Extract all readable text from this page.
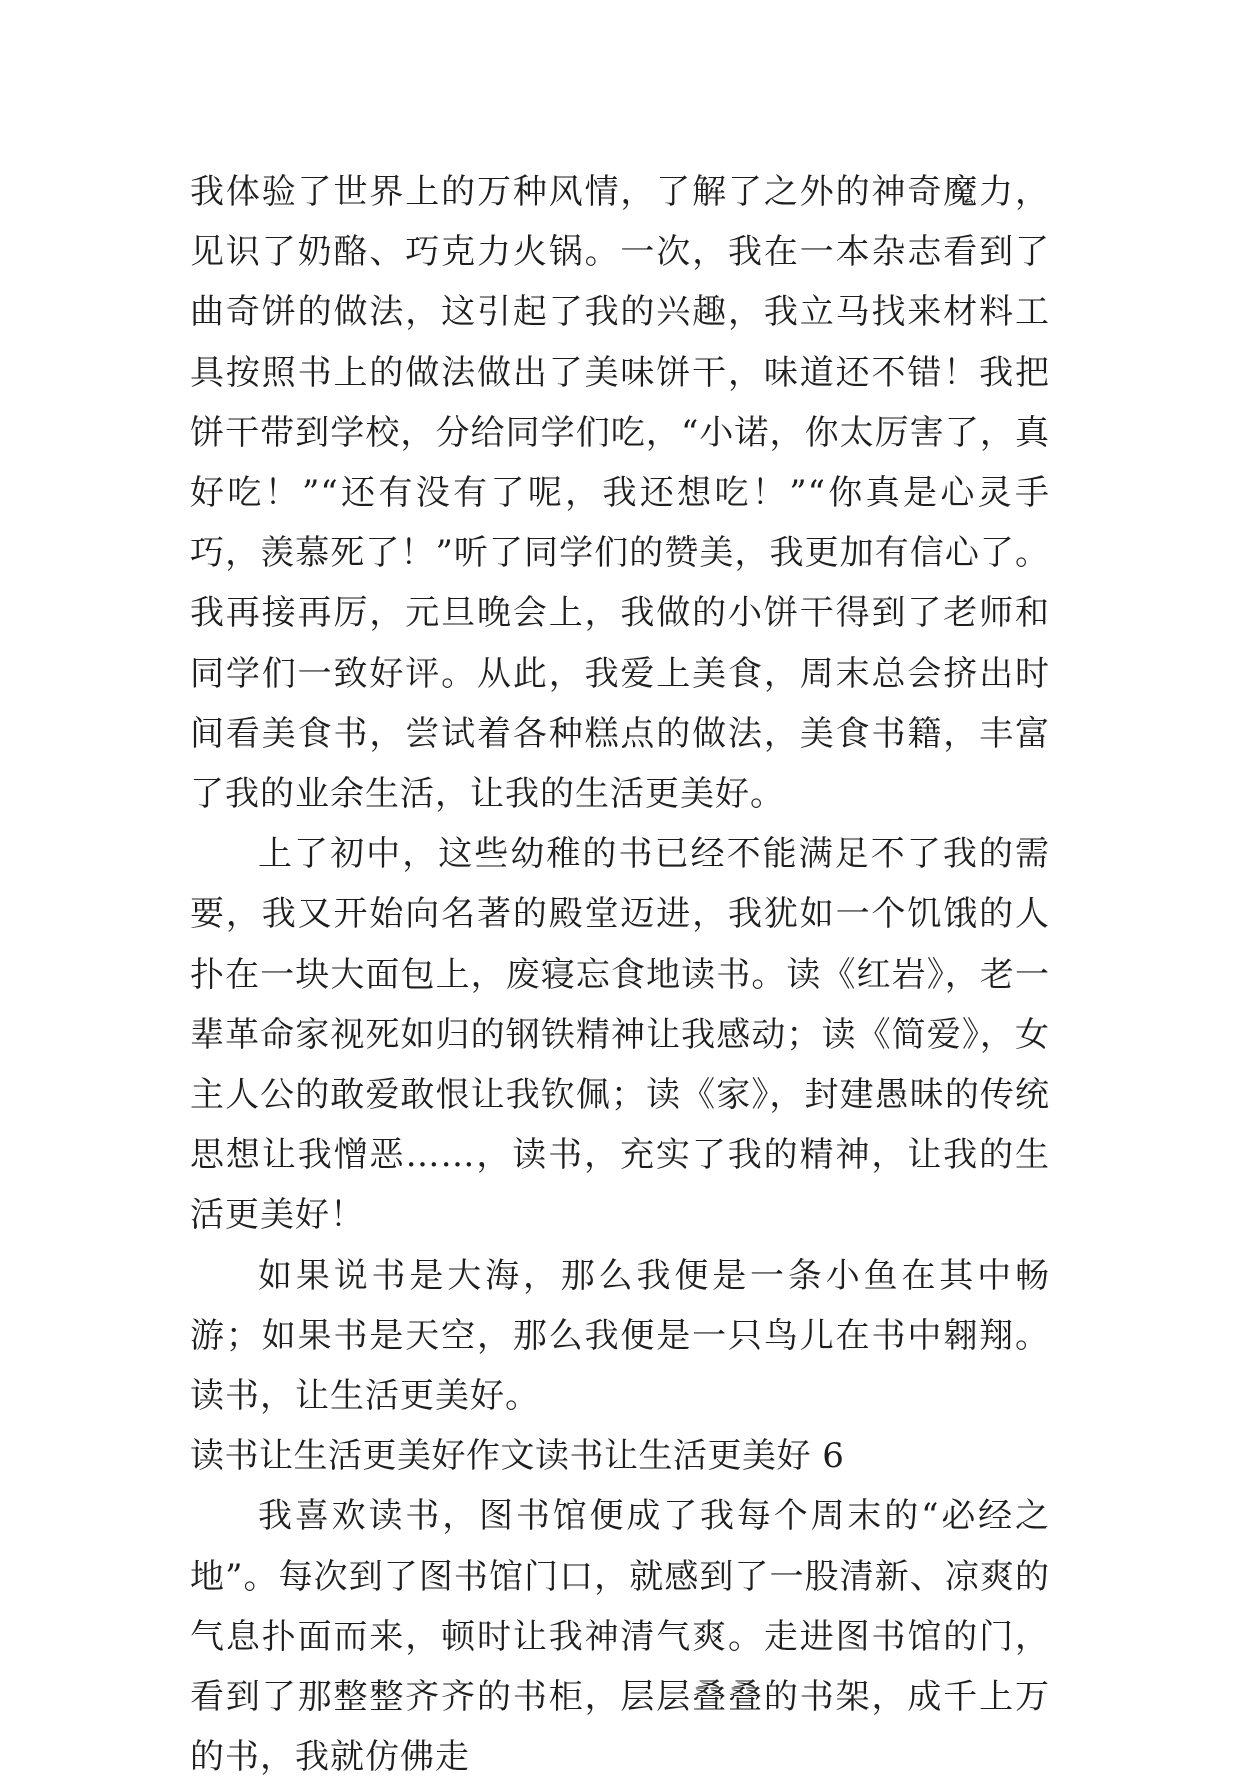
我体验了世界上的万种风情，了解了之外的神奇魔力，见识了奶酪、巧克力火锅。一次，我在一本杂志看到了曲奇饼的做法，这引起了我的兴趣，我立马找来材料工具按照书上的做法做出了美味饼干，味道还不错！我把饼干带到学校，分给同学们吃，“小诺，你太厉害了，真好吃！”“还有没有了呢，我还想吃！”“你真是心灵手巧，羡慕死了！”听了同学们的赞美，我更加有信心了。我再接再厉，元旦晚会上，我做的小饼干得到了老师和同学们一致好评。从此，我爱上美食，周末总会挤出时间看美食书，尝试着各种糕点的做法，美食书籍，丰富了我的业余生活，让我的生活更美好。

上了初中，这些幼稚的书已经不能满足不了我的需要，我又开始向名著的殿堂迈进，我犹如一个饥饿的人扑在一块大面包上，废寝忘食地读书。读《红岩》，老一辈革命家视死如归的钢铁精神让我感动；读《简爱》，女主人公的敢爱敢恨让我钦佩；读《家》，封建愚昧的传统思想让我憎恶……，读书，充实了我的精神，让我的生活更美好！

如果说书是大海，那么我便是一条小鱼在其中畅游；如果书是天空，那么我便是一只鸟儿在书中翱翔。读书，让生活更美好。

读书让生活更美好作文读书让生活更美好 6

我喜欢读书，图书馆便成了我每个周末的“必经之地”。每次到了图书馆门口，就感到了一股清新、凉爽的气息扑面而来，顿时让我神清气爽。走进图书馆的门，看到了那整整齐齐的书柜，层层叠叠的书架，成千上万的书，我就仿佛走
